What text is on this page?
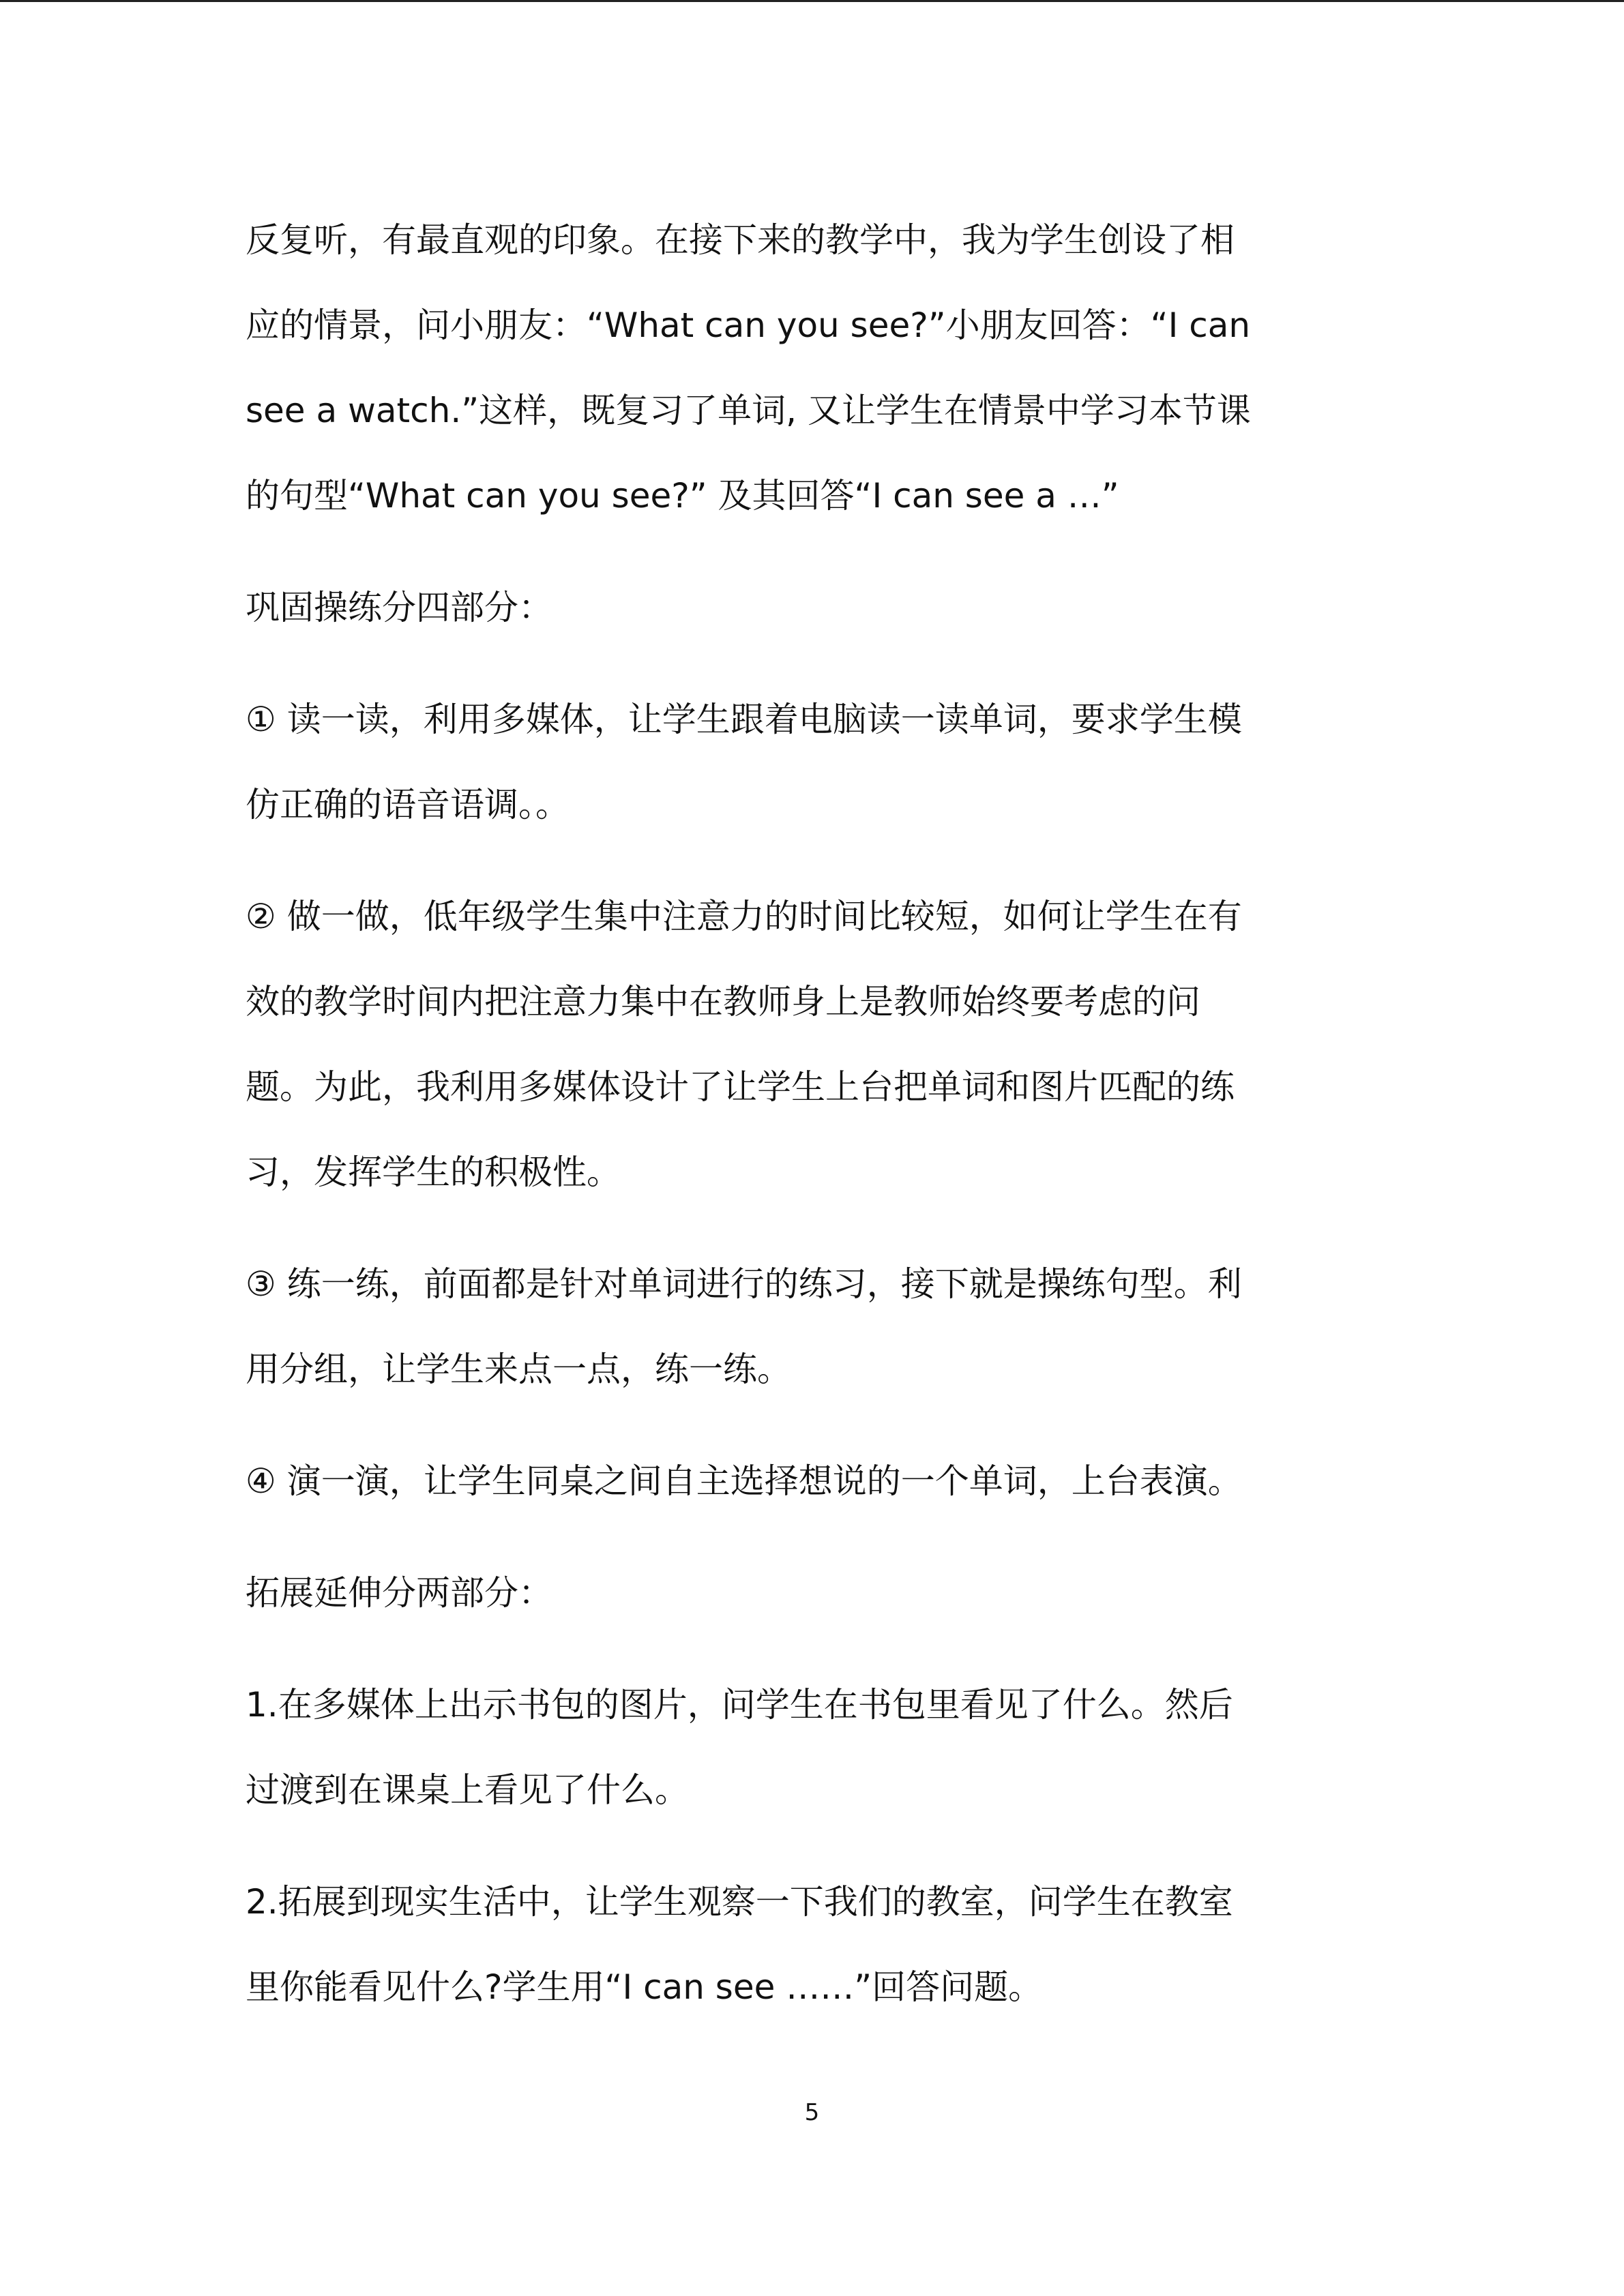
反复听，有最直观的印象。在接下来的教学中，我为学生创设了相
应的情景，问小朋友：“What can you see?”小朋友回答：“I can
see a watch.”这样，既复习了单词, 又让学生在情景中学习本节课
的句型“What can you see?” 及其回答“I can see a …”
巩固操练分四部分：
① 读一读，利用多媒体，让学生跟着电脑读一读单词，要求学生模
仿正确的语音语调。。
② 做一做，低年级学生集中注意力的时间比较短，如何让学生在有
效的教学时间内把注意力集中在教师身上是教师始终要考虑的问
题。为此，我利用多媒体设计了让学生上台把单词和图片匹配的练
习，发挥学生的积极性。
③ 练一练，前面都是针对单词进行的练习，接下就是操练句型。利
用分组，让学生来点一点，练一练。
④ 演一演，让学生同桌之间自主选择想说的一个单词，上台表演。
拓展延伸分两部分：
1.在多媒体上出示书包的图片，问学生在书包里看见了什么。然后
过渡到在课桌上看见了什么。
2.拓展到现实生活中，让学生观察一下我们的教室，问学生在教室
里你能看见什么?学生用“I can see ……”回答问题。
5
